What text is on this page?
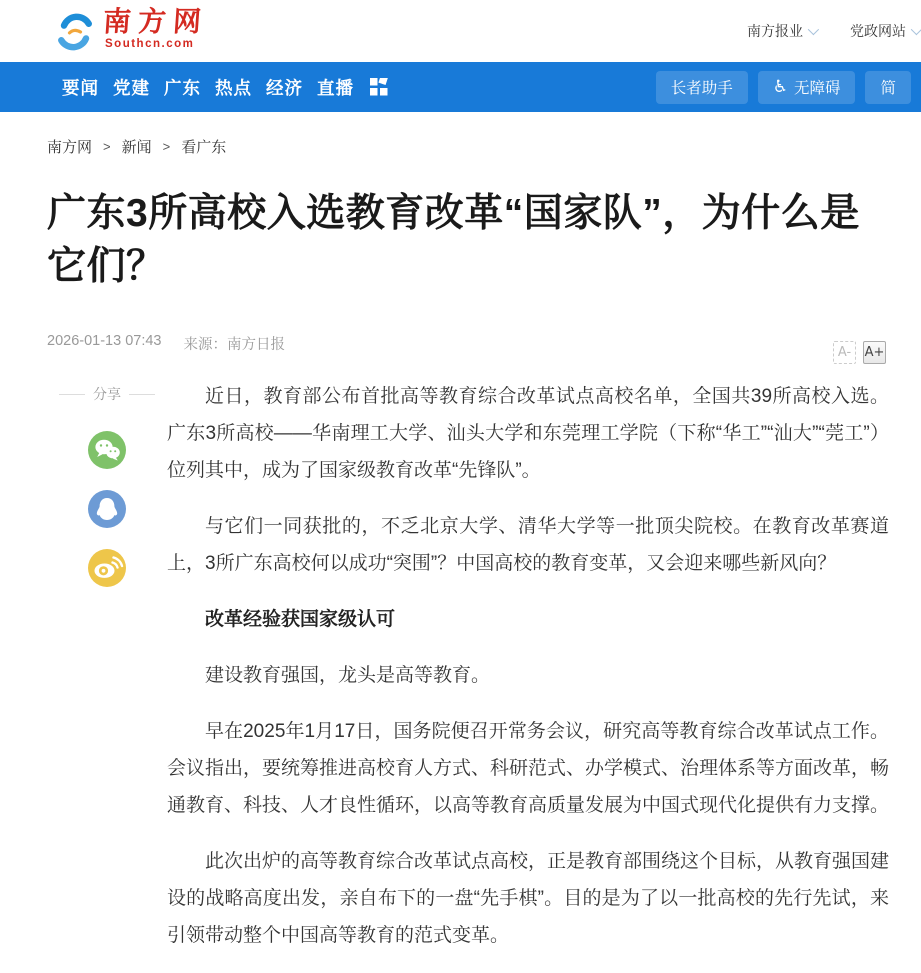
南方网
Southcn.com
南方报业	党政网站
要闻 党建 广东 热点 经济 直播	长者助手 ♿ 无障碍	简
南方网 > 新闻 > 看广东
广东3所高校入选教育改革“国家队”，为什么是它们？
2026-01-13 07:43 来源：南方日报	A-	A+
分享	近日，教育部公布首批高等教育综合改革试点高校名单，全国共39所高校入选。广东3所高校——华南理工大学、汕头大学和东莞理工学院（下称“华工”“汕大”“莞工”）位列其中，成为了国家级教育改革“先锋队”。

与它们一同获批的，不乏北京大学、清华大学等一批顶尖院校。在教育改革赛道上，3所广东高校何以成功“突围”？中国高校的教育变革，又会迎来哪些新风向？

改革经验获国家级认可

建设教育强国，龙头是高等教育。

早在2025年1月17日，国务院便召开常务会议，研究高等教育综合改革试点工作。会议指出，要统筹推进高校育人方式、科研范式、办学模式、治理体系等方面改革，畅通教育、科技、人才良性循环，以高等教育高质量发展为中国式现代化提供有力支撑。

此次出炉的高等教育综合改革试点高校，正是教育部围绕这个目标，从教育强国建设的战略高度出发，亲自布下的一盘“先手棋”。目的是为了以一批高校的先行先试，来引领带动整个中国高等教育的范式变革。
